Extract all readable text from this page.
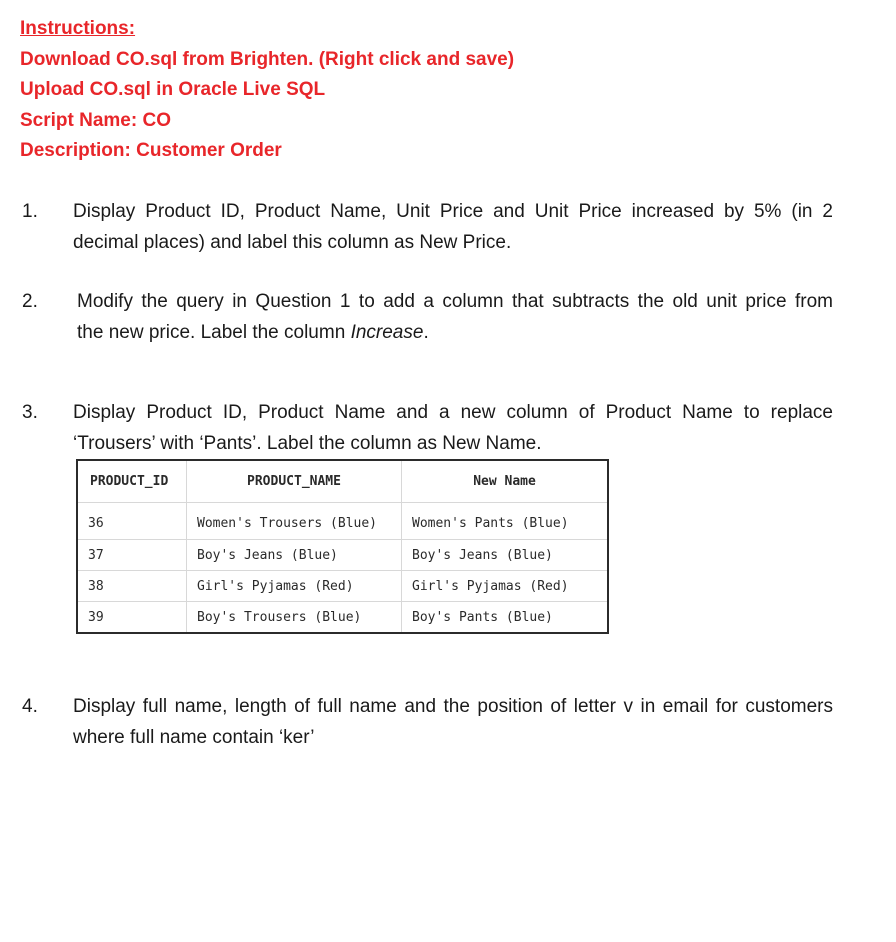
Instructions:
Download CO.sql from Brighten. (Right click and save)
Upload CO.sql in Oracle Live SQL
Script Name: CO
Description: Customer Order
1. Display Product ID, Product Name, Unit Price and Unit Price increased by 5% (in 2

decimal places) and label this column as New Price.

2. Modify the query in Question 1 to add a column that subtracts the old unit price from

the new price. Label the column Increase.

3. Display Product ID, Product Name and a new column of Product Name to replace

‘Trousers’ with ‘Pants’. Label the column as New Name.

PRODUCT_ID	PRODUCT_NAME	New Name
36	Women's Trousers (Blue)	Women's Pants (Blue)
37	Boy's Jeans (Blue)	Boy's Jeans (Blue)
38	Girl's Pyjamas (Red)	Girl's Pyjamas (Red)
39	Boy's Trousers (Blue)	Boy's Pants (Blue)
4. Display full name, length of full name and the position of letter v in email for customers

where full name contain ‘ker’
